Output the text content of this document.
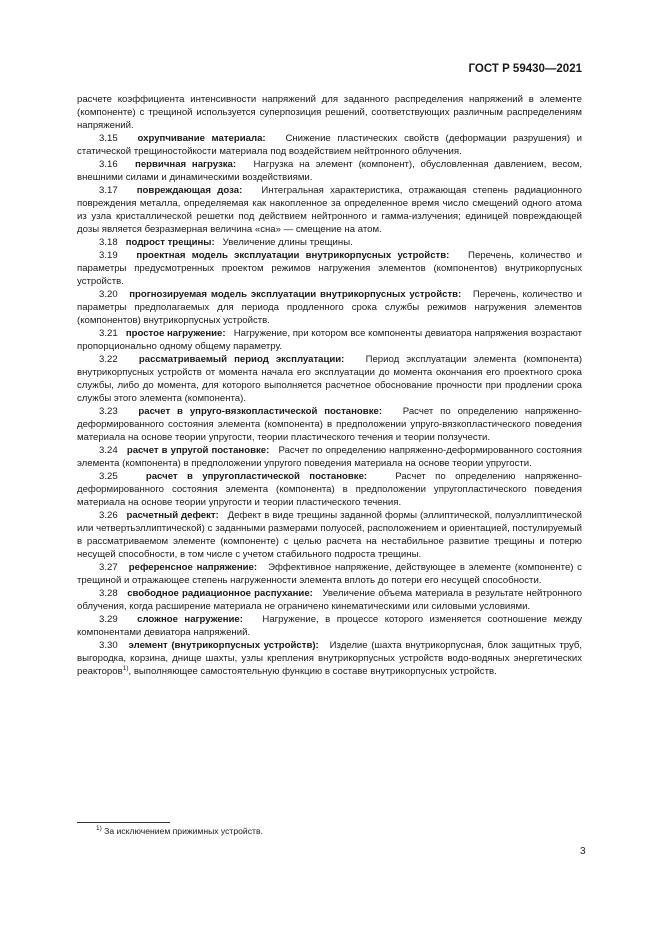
ГОСТ Р 59430—2021

расчете коэффициента интенсивности напряжений для заданного распределения напряжений в элементе (компоненте) с трещиной используется суперпозиция решений, соответствующих различным распределениям напряжений.

3.15 охрупчивание материала: Снижение пластических свойств (деформации разрушения) и статической трещиностойкости материала под воздействием нейтронного облучения.

3.16 первичная нагрузка: Нагрузка на элемент (компонент), обусловленная давлением, весом, внешними силами и динамическими воздействиями.

3.17 повреждающая доза: Интегральная характеристика, отражающая степень радиационного повреждения металла, определяемая как накопленное за определенное время число смещений одного атома из узла кристаллической решетки под действием нейтронного и гамма-излучения; единицей повреждающей дозы является безразмерная величина «сна» — смещение на атом.

3.18 подрост трещины: Увеличение длины трещины.

3.19 проектная модель эксплуатации внутрикорпусных устройств: Перечень, количество и параметры предусмотренных проектом режимов нагружения элементов (компонентов) внутрикорпусных устройств.

3.20 прогнозируемая модель эксплуатации внутрикорпусных устройств: Перечень, количество и параметры предполагаемых для периода продленного срока службы режимов нагружения элементов (компонентов) внутрикорпусных устройств.

3.21 простое нагружение: Нагружение, при котором все компоненты девиатора напряжения возрастают пропорционально одному общему параметру.

3.22 рассматриваемый период эксплуатации: Период эксплуатации элемента (компонента) внутрикорпусных устройств от момента начала его эксплуатации до момента окончания его проектного срока службы, либо до момента, для которого выполняется расчетное обоснование прочности при продлении срока службы этого элемента (компонента).

3.23 расчет в упруго-вязкопластической постановке: Расчет по определению напряженно-деформированного состояния элемента (компонента) в предположении упруго-вязкопластического поведения материала на основе теории упругости, теории пластического течения и теории ползучести.

3.24 расчет в упругой постановке: Расчет по определению напряженно-деформированного состояния элемента (компонента) в предположении упругого поведения материала на основе теории упругости.

3.25	расчет в упругопластической постановке:	Расчет по определению напряженно-деформированного состояния элемента (компонента) в предположении упругопластического поведения материала на основе теории упругости и теории пластического течения.

3.26 расчетный дефект: Дефект в виде трещины заданной формы (эллиптической, полуэллиптической или четвертьэллиптической) с заданными размерами полуосей, расположением и ориентацией, постулируемый в рассматриваемом элементе (компоненте) с целью расчета на нестабильное развитие трещины и потерю несущей способности, в том числе с учетом стабильного подроста трещины.

3.27 референсное напряжение: Эффективное напряжение, действующее в элементе (компоненте) с трещиной и отражающее степень нагруженности элемента вплоть до потери его несущей способности.

3.28 свободное радиационное распухание: Увеличение объема материала в результате нейтронного облучения, когда расширение материала не ограничено кинематическими или силовыми условиями.

3.29 сложное нагружение: Нагружение, в процессе которого изменяется соотношение между компонентами девиатора напряжений.

3.30 элемент (внутрикорпусных устройств): Изделие (шахта внутрикорпусная, блок защитных труб, выгородка, корзина, днище шахты, узлы крепления внутрикорпусных устройств водо-водяных энергетических реакторов$^{1)}$, выполняющее самостоятельную функцию в составе внутрикорпусных устройств.

$^{1)}$ За исключением прижимных устройств.
3
